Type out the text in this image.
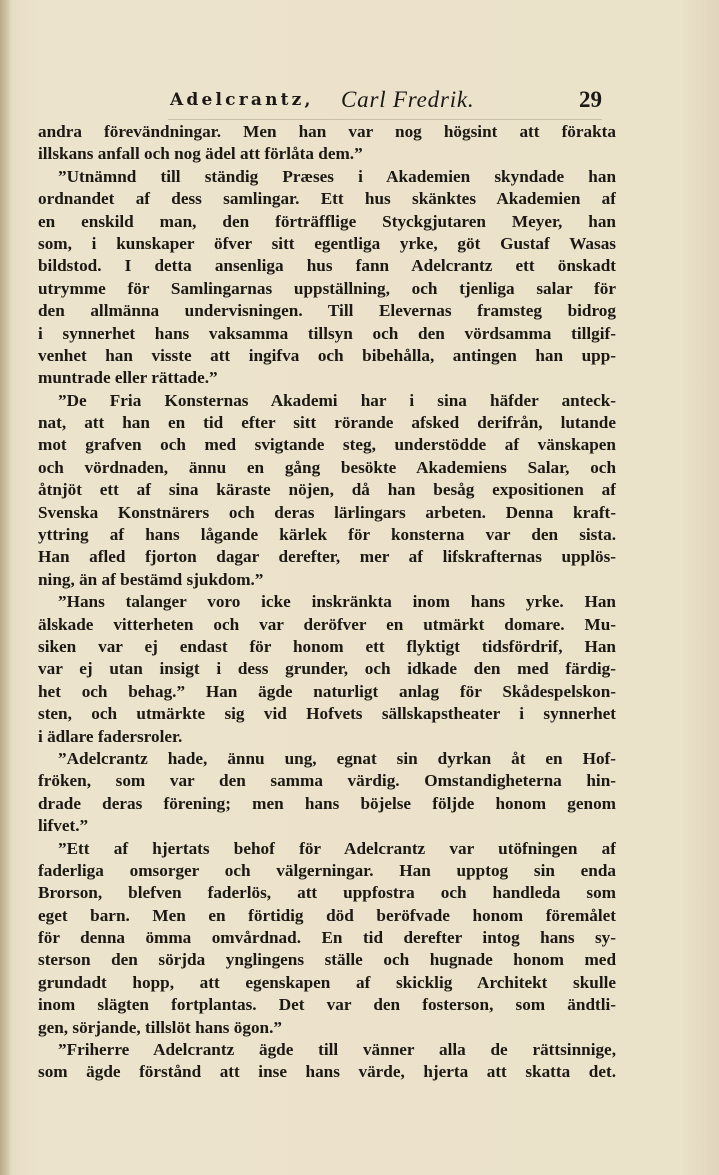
Adelcrantz, Carl Fredrik.	29
andra förevändningar. Men han var nog högsint att förakta
illskans anfall och nog ädel att förlåta dem.”
”Utnämnd till ständig Præses i Akademien skyndade han
ordnandet af dess samlingar. Ett hus skänktes Akademien af
en enskild man, den förträfflige Styckgjutaren Meyer, han
som, i kunskaper öfver sitt egentliga yrke, göt Gustaf Wasas
bildstod. I detta ansenliga hus fann Adelcrantz ett önskadt
utrymme för Samlingarnas uppställning, och tjenliga salar för
den allmänna undervisningen. Till Elevernas framsteg bidrog
i synnerhet hans vaksamma tillsyn och den vördsamma tillgif-
venhet han visste att ingifva och bibehålla, antingen han upp-
muntrade eller rättade.”
”De Fria Konsternas Akademi har i sina häfder anteck-
nat, att han en tid efter sitt rörande afsked derifrån, lutande
mot grafven och med svigtande steg, understödde af vänskapen
och vördnaden, ännu en gång besökte Akademiens Salar, och
åtnjöt ett af sina käraste nöjen, då han besåg expositionen af
Svenska Konstnärers och deras lärlingars arbeten. Denna kraft-
yttring af hans lågande kärlek för konsterna var den sista.
Han afled fjorton dagar derefter, mer af lifskrafternas upplös-
ning, än af bestämd sjukdom.”
”Hans talanger voro icke inskränkta inom hans yrke. Han
älskade vitterheten och var deröfver en utmärkt domare. Mu-
siken var ej endast för honom ett flyktigt tidsfördrif, Han
var ej utan insigt i dess grunder, och idkade den med färdig-
het och behag.” Han ägde naturligt anlag för Skådespelskon-
sten, och utmärkte sig vid Hofvets sällskapstheater i synnerhet
i ädlare fadersroler.
”Adelcrantz hade, ännu ung, egnat sin dyrkan åt en Hof-
fröken, som var den samma värdig. Omstandigheterna hin-
drade deras förening; men hans böjelse följde honom genom
lifvet.”
”Ett af hjertats behof för Adelcrantz var utöfningen af
faderliga omsorger och välgerningar. Han upptog sin enda
Brorson, blefven faderlös, att uppfostra och handleda som
eget barn. Men en förtidig död beröfvade honom föremålet
för denna ömma omvårdnad. En tid derefter intog hans sy-
sterson den sörjda ynglingens ställe och hugnade honom med
grundadt hopp, att egenskapen af skicklig Architekt skulle
inom slägten fortplantas. Det var den fosterson, som ändtli-
gen, sörjande, tillslöt hans ögon.”
”Friherre Adelcrantz ägde till vänner alla de rättsinnige,
som ägde förstånd att inse hans värde, hjerta att skatta det.
